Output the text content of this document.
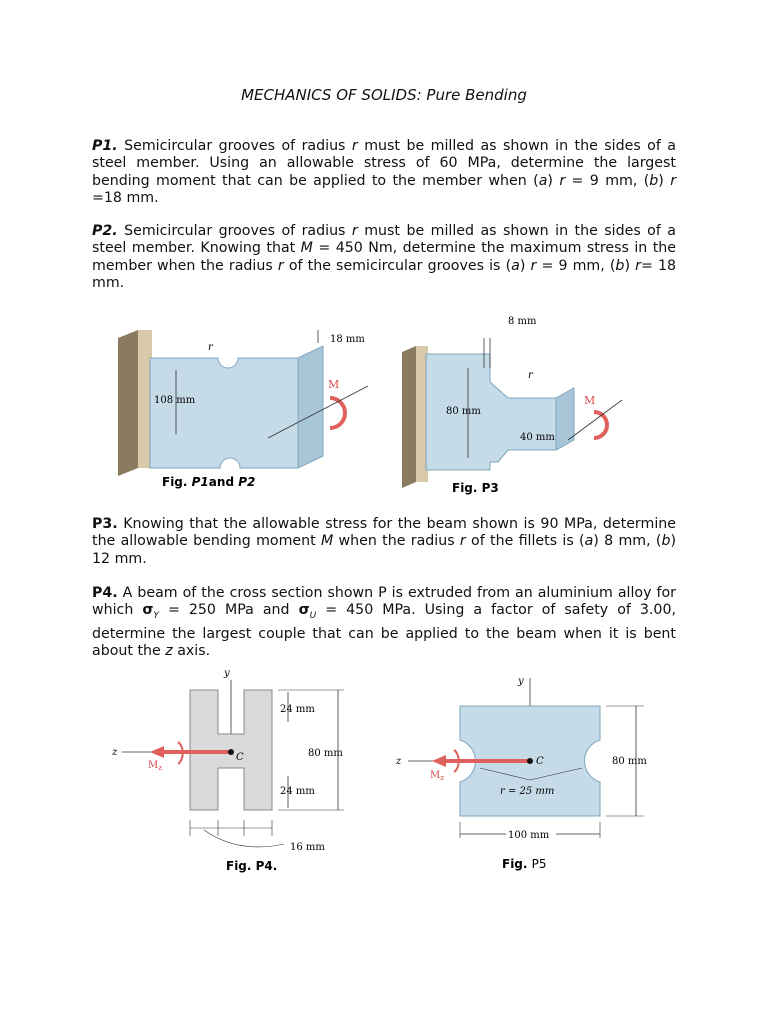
MECHANICS OF SOLIDS: Pure Bending
P1. Semicircular grooves of radius r must be milled as shown in the sides of a steel member. Using an allowable stress of 60 MPa, determine the largest bending moment that can be applied to the member when (a) r = 9 mm, (b) r =18 mm.
P2. Semicircular grooves of radius r must be milled as shown in the sides of a steel member. Knowing that M = 450 Nm, determine the maximum stress in the member when the radius r of the semicircular grooves is (a) r = 9 mm, (b) r= 18 mm.
108 mm
r
18 mm
M
Fig. P1and P2
8 mm
80 mm
40 mm
r
M
Fig. P3
P3. Knowing that the allowable stress for the beam shown is 90 MPa, determine the allowable bending moment M when the radius r of the fillets is (a) 8 mm, (b) 12 mm.
P4. A beam of the cross section shown P is extruded from an aluminium alloy for which $\sigma_Y = 250$ MPa and $\sigma_U = 450$ MPa. Using a factor of safety of 3.00, determine the largest couple that can be applied to the beam when it is bent about the z axis.
y
z
$M_z$
C	80 mm
24 mm
24 mm
16 mm
Fig. P4.
y
z
$M_z$
C
r = 25 mm
80 mm
100 mm
Fig. P5
